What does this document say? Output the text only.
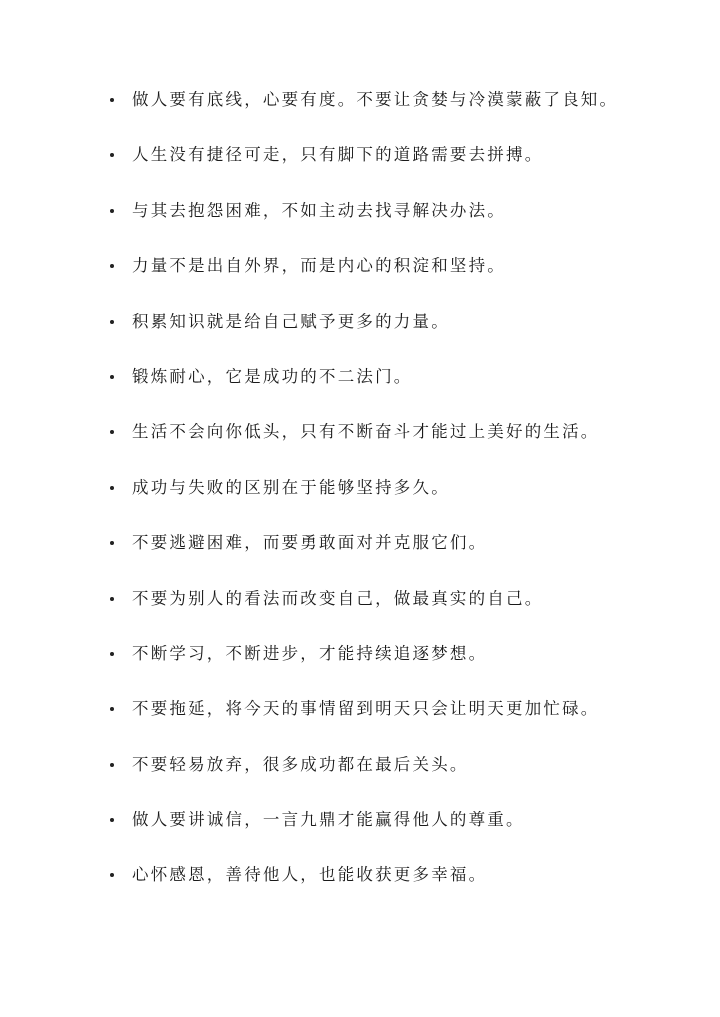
做人要有底线，心要有度。不要让贪婪与冷漠蒙蔽了良知。
人生没有捷径可走，只有脚下的道路需要去拼搏。
与其去抱怨困难，不如主动去找寻解决办法。
力量不是出自外界，而是内心的积淀和坚持。
积累知识就是给自己赋予更多的力量。
锻炼耐心，它是成功的不二法门。
生活不会向你低头，只有不断奋斗才能过上美好的生活。
成功与失败的区别在于能够坚持多久。
不要逃避困难，而要勇敢面对并克服它们。
不要为别人的看法而改变自己，做最真实的自己。
不断学习，不断进步，才能持续追逐梦想。
不要拖延，将今天的事情留到明天只会让明天更加忙碌。
不要轻易放弃，很多成功都在最后关头。
做人要讲诚信，一言九鼎才能赢得他人的尊重。
心怀感恩，善待他人，也能收获更多幸福。
